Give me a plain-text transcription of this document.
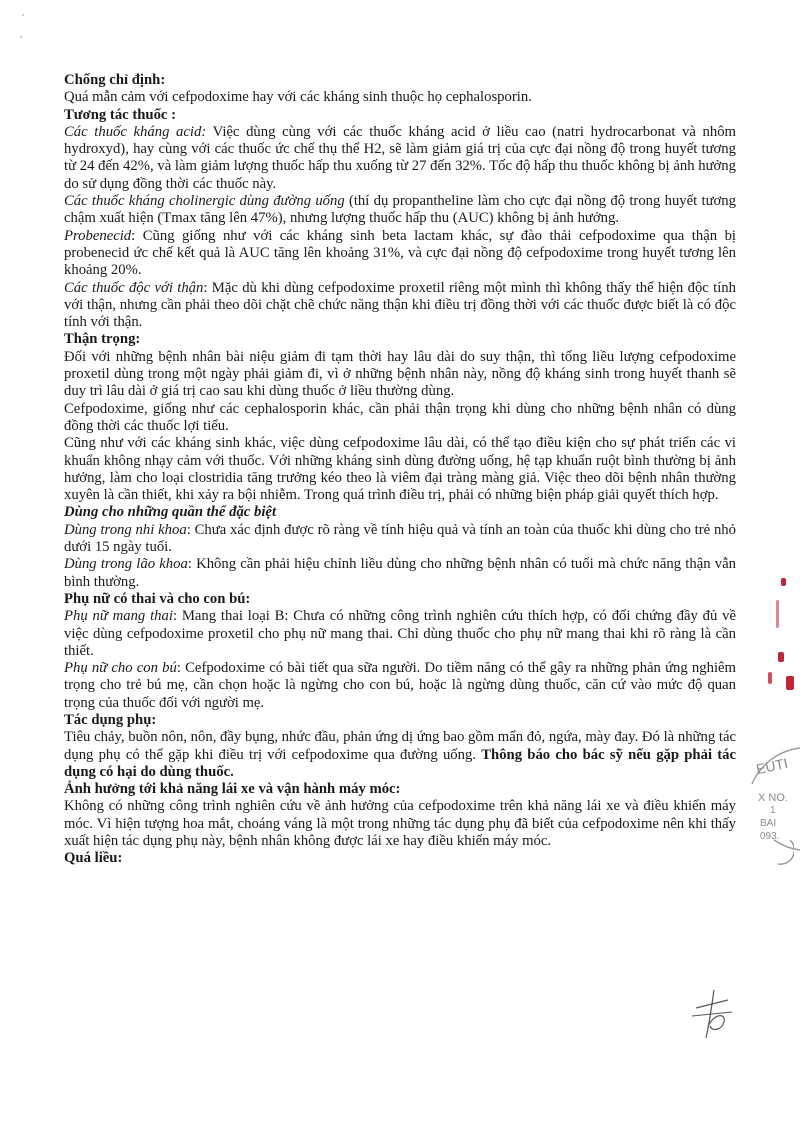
Chống chỉ định:

Quá mẫn cảm với cefpodoxime hay với các kháng sinh thuộc họ cephalosporin.

Tương tác thuốc :

Các thuốc kháng acid: Việc dùng cùng với các thuốc kháng acid ở liều cao (natri hydrocarbonat và nhôm hydroxyd), hay cùng với các thuốc ức chế thụ thể H2, sẽ làm giảm giá trị của cực đại nồng độ trong huyết tương từ 24 đến 42%, và làm giảm lượng thuốc hấp thu xuống từ 27 đến 32%. Tốc độ hấp thu thuốc không bị ảnh hưởng do sử dụng đồng thời các thuốc này.

Các thuốc kháng cholinergic dùng đường uống (thí dụ propantheline làm cho cực đại nồng độ trong huyết tương chậm xuất hiện (Tmax tăng lên 47%), nhưng lượng thuốc hấp thu (AUC) không bị ảnh hưởng.

Probenecid: Cũng giống như với các kháng sinh beta lactam khác, sự đào thải cefpodoxime qua thận bị probenecid ức chế kết quả là AUC tăng lên khoảng 31%, và cực đại nồng độ cefpodoxime trong huyết tương lên khoảng 20%.

Các thuốc độc với thận: Mặc dù khi dùng cefpodoxime proxetil riêng một mình thì không thấy thể hiện độc tính với thận, nhưng cần phải theo dõi chặt chẽ chức năng thận khi điều trị đồng thời với các thuốc được biết là có độc tính với thận.

Thận trọng:

Đối với những bệnh nhân bài niệu giảm đi tạm thời hay lâu dài do suy thận, thì tổng liều lượng cefpodoxime proxetil dùng trong một ngày phải giảm đi, vì ở những bệnh nhân này, nồng độ kháng sinh trong huyết thanh sẽ duy trì lâu dài ở giá trị cao sau khi dùng thuốc ở liều thường dùng.

Cefpodoxime, giống như các cephalosporin khác, cần phải thận trọng khi dùng cho những bệnh nhân có dùng đồng thời các thuốc lợi tiểu.

Cũng như với các kháng sinh khác, việc dùng cefpodoxime lâu dài, có thể tạo điều kiện cho sự phát triển các vi khuẩn không nhạy cảm với thuốc. Với những kháng sinh dùng đường uống, hệ tạp khuẩn ruột bình thường bị ảnh hưởng, làm cho loại clostridia tăng trưởng kéo theo là viêm đại tràng màng giả. Việc theo dõi bệnh nhân thường xuyên là cần thiết, khi xảy ra bội nhiễm. Trong quá trình điều trị, phải có những biện pháp giải quyết thích hợp.

Dùng cho những quần thể đặc biệt

Dùng trong nhi khoa: Chưa xác định được rõ ràng về tính hiệu quả và tính an toàn của thuốc khi dùng cho trẻ nhỏ dưới 15 ngày tuổi.

Dùng trong lão khoa: Không cần phải hiệu chỉnh liều dùng cho những bệnh nhân có tuổi mà chức năng thận vẫn bình thường.

Phụ nữ có thai và cho con bú:

Phụ nữ mang thai: Mang thai loại B: Chưa có những công trình nghiên cứu thích hợp, có đối chứng đầy đủ về việc dùng cefpodoxime proxetil cho phụ nữ mang thai. Chỉ dùng thuốc cho phụ nữ mang thai khi rõ ràng là cần thiết.

Phụ nữ cho con bú: Cefpodoxime có bài tiết qua sữa người. Do tiềm năng có thể gây ra những phản ứng nghiêm trọng cho trẻ bú mẹ, cần chọn hoặc là ngừng cho con bú, hoặc là ngừng dùng thuốc, căn cứ vào mức độ quan trọng của thuốc đối với người mẹ.

Tác dụng phụ:

Tiêu chảy, buồn nôn, nôn, đầy bụng, nhức đầu, phản ứng dị ứng bao gồm mẩn đỏ, ngứa, mày đay. Đó là những tác dụng phụ có thể gặp khi điều trị với cefpodoxime qua đường uống. Thông báo cho bác sỹ nếu gặp phải tác dụng có hại do dùng thuốc.

Ảnh hưởng tới khả năng lái xe và vận hành máy móc:

Không có những công trình nghiên cứu về ảnh hưởng của cefpodoxime trên khả năng lái xe và điều khiển máy móc. Vì hiện tượng hoa mắt, choáng váng là một trong những tác dụng phụ đã biết của cefpodoxime nên khi thấy xuất hiện tác dụng phụ này, bệnh nhân không được lái xe hay điều khiển máy móc.

Quá liều:

EUTI
X NO.
1
BAI
093.
